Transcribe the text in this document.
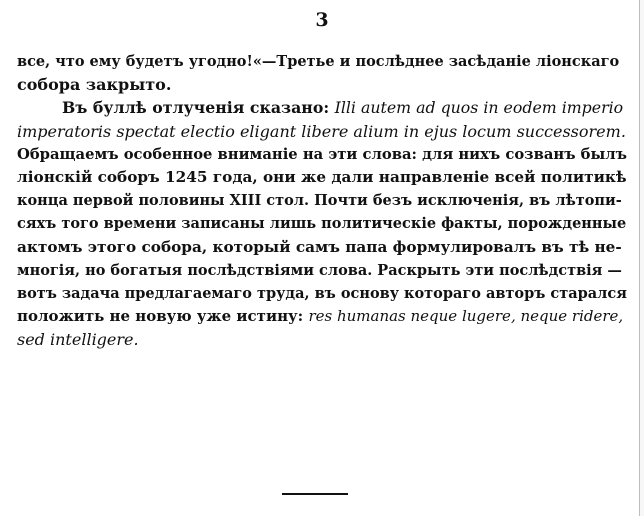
3
все, что ему будетъ угодно!«—Третье и послѣднее засѣданіе ліонскаго
собора закрыто.
Въ буллѣ отлученія сказано: Illi autem ad quos in eodem imperio
imperatoris spectat electio eligant libere alium in ejus locum successorem.
Обращаемъ особенное вниманіе на эти слова: для нихъ созванъ былъ
ліонскій соборъ 1245 года, они же дали направленіе всей политикѣ
конца первой половины XIII стол. Почти безъ исключенія, въ лѣтопи-
сяхъ того времени записаны лишь политическіе факты, порожденные
актомъ этого собора, который самъ папа формулировалъ въ тѣ не-
многія, но богатыя послѣдствіями слова. Раскрыть эти послѣдствія —
вотъ задача предлагаемаго труда, въ основу котораго авторъ старался
положить не новую уже истину: res humanas neque lugere, neque ridere,
sed intelligere.
